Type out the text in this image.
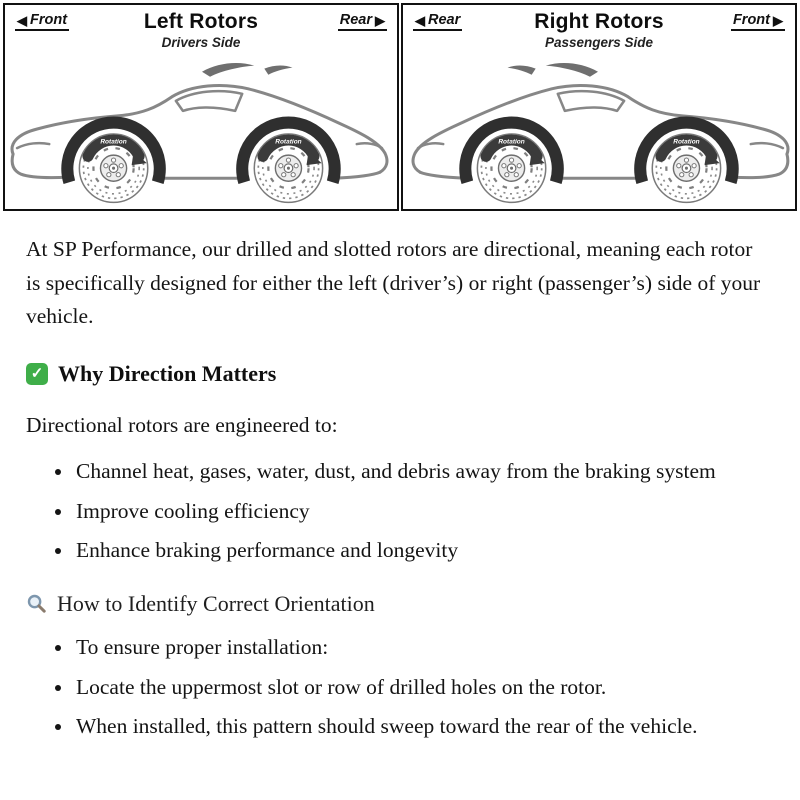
◀ Front	Left Rotors
Drivers Side
Rear ▶
Rotation	Rotation
◀ Rear	Right Rotors
Passengers Side
Front ▶
Rotation	Rotation

At SP Performance, our drilled and slotted rotors are directional, meaning each rotor is specifically designed for either the left (driver’s) or right (passenger’s) side of your vehicle.

✓ Why Direction Matters

Directional rotors are engineered to:

• Channel heat, gases, water, dust, and debris away from the braking system
• Improve cooling efficiency
• Enhance braking performance and longevity
How to Identify Correct Orientation
• To ensure proper installation:
• Locate the uppermost slot or row of drilled holes on the rotor.
• When installed, this pattern should sweep toward the rear of the vehicle.
